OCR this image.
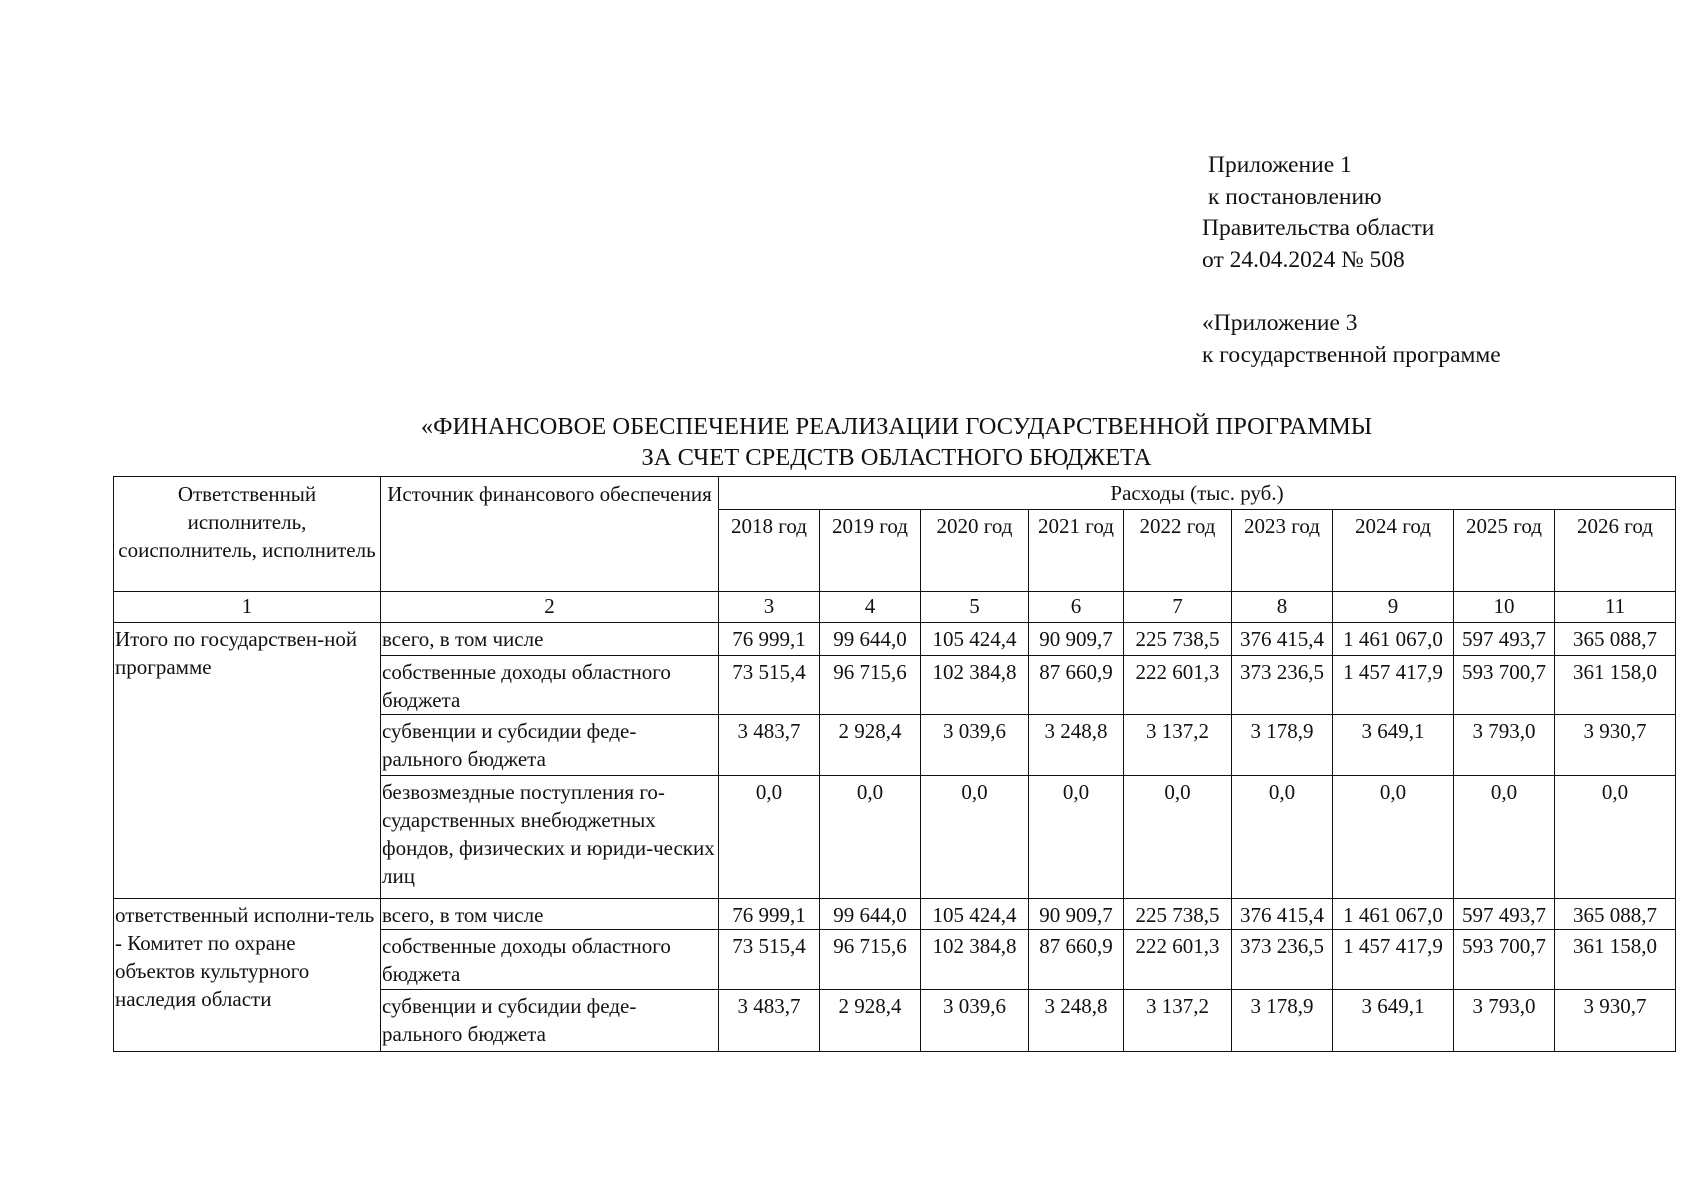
Приложение 1
к постановлению
Правительства области
от 24.04.2024 № 508
«Приложение 3
к государственной программе
«ФИНАНСОВОЕ ОБЕСПЕЧЕНИЕ РЕАЛИЗАЦИИ ГОСУДАРСТВЕННОЙ ПРОГРАММЫ
ЗА СЧЕТ СРЕДСТВ ОБЛАСТНОГО БЮДЖЕТА
Ответственный исполнитель, соисполнитель, исполнитель	Источник финансового обеспечения	Расходы (тыс. руб.)								
		2018 год	2019 год	2020 год	2021 год	2022 год	2023 год	2024 год	2025 год	2026 год
1	2	3	4	5	6	7	8	9	10	11
Итого по государствен-ной программе	всего, в том числе	76 999,1	99 644,0	105 424,4	90 909,7	225 738,5	376 415,4	1 461 067,0	597 493,7	365 088,7
	собственные доходы областного бюджета	73 515,4	96 715,6	102 384,8	87 660,9	222 601,3	373 236,5	1 457 417,9	593 700,7	361 158,0
	субвенции и субсидии феде-рального бюджета	3 483,7	2 928,4	3 039,6	3 248,8	3 137,2	3 178,9	3 649,1	3 793,0	3 930,7
	безвозмездные поступления го-сударственных внебюджетных фондов, физических и юриди-ческих лиц	0,0	0,0	0,0	0,0	0,0	0,0	0,0	0,0	0,0
ответственный исполни-тель - Комитет по охране объектов культурного наследия области	всего, в том числе	76 999,1	99 644,0	105 424,4	90 909,7	225 738,5	376 415,4	1 461 067,0	597 493,7	365 088,7
	собственные доходы областного бюджета	73 515,4	96 715,6	102 384,8	87 660,9	222 601,3	373 236,5	1 457 417,9	593 700,7	361 158,0
	субвенции и субсидии феде-рального бюджета	3 483,7	2 928,4	3 039,6	3 248,8	3 137,2	3 178,9	3 649,1	3 793,0	3 930,7
